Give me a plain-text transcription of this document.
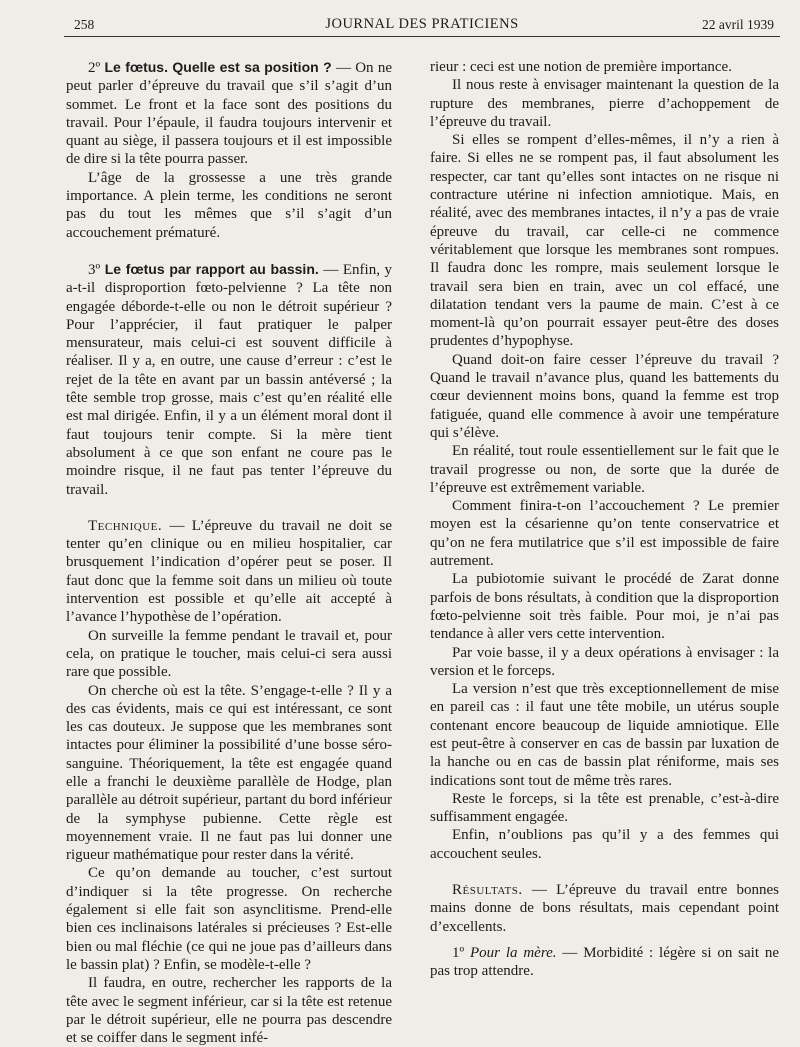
258	JOURNAL DES PRATICIENS	22 avril 1939

2º Le fœtus. Quelle est sa position ? — On ne peut parler d’épreuve du travail que s’il s’agit d’un sommet. Le front et la face sont des positions du travail. Pour l’épaule, il faudra toujours intervenir et quant au siège, il passera toujours et il est impossible de dire si la tête pourra passer.

L’âge de la grossesse a une très grande importance. A plein terme, les conditions ne seront pas du tout les mêmes que s’il s’agit d’un accouchement prématuré.

3º Le fœtus par rapport au bassin. — Enfin, y a-t-il disproportion fœto-pelvienne ? La tête non engagée déborde-t-elle ou non le détroit supérieur ? Pour l’apprécier, il faut pratiquer le palper mensurateur, mais celui-ci est souvent difficile à réaliser. Il y a, en outre, une cause d’erreur : c’est le rejet de la tête en avant par un bassin antéversé ; la tête semble trop grosse, mais c’est qu’en réalité elle est mal dirigée. Enfin, il y a un élément moral dont il faut toujours tenir compte. Si la mère tient absolument à ce que son enfant ne coure pas le moindre risque, il ne faut pas tenter l’épreuve du travail.

Technique. — L’épreuve du travail ne doit se tenter qu’en clinique ou en milieu hospitalier, car brusquement l’indication d’opérer peut se poser. Il faut donc que la femme soit dans un milieu où toute intervention est possible et qu’elle ait accepté à l’avance l’hypothèse de l’opération.

On surveille la femme pendant le travail et, pour cela, on pratique le toucher, mais celui-ci sera aussi rare que possible.

On cherche où est la tête. S’engage-t-elle ? Il y a des cas évidents, mais ce qui est intéressant, ce sont les cas douteux. Je suppose que les membranes sont intactes pour éliminer la possibilité d’une bosse séro-sanguine. Théoriquement, la tête est engagée quand elle a franchi le deuxième parallèle de Hodge, plan parallèle au détroit supérieur, partant du bord inférieur de la symphyse pubienne. Cette règle est moyennement vraie. Il ne faut pas lui donner une rigueur mathématique pour rester dans la vérité.

Ce qu’on demande au toucher, c’est surtout d’indiquer si la tête progresse. On recherche également si elle fait son asynclitisme. Prend-elle bien ces inclinaisons latérales si précieuses ? Est-elle bien ou mal fléchie (ce qui ne joue pas d’ailleurs dans le bassin plat) ? Enfin, se modèle-t-elle ?

Il faudra, en outre, rechercher les rapports de la tête avec le segment inférieur, car si la tête est retenue par le détroit supérieur, elle ne pourra pas descendre et se coiffer dans le segment infé-

rieur : ceci est une notion de première importance.

Il nous reste à envisager maintenant la question de la rupture des membranes, pierre d’achoppement de l’épreuve du travail.

Si elles se rompent d’elles-mêmes, il n’y a rien à faire. Si elles ne se rompent pas, il faut absolument les respecter, car tant qu’elles sont intactes on ne risque ni contracture utérine ni infection amniotique. Mais, en réalité, avec des membranes intactes, il n’y a pas de vraie épreuve du travail, car celle-ci ne commence véritablement que lorsque les membranes sont rompues. Il faudra donc les rompre, mais seulement lorsque le travail sera bien en train, avec un col effacé, une dilatation tendant vers la paume de main. C’est à ce moment-là qu’on pourrait essayer peut-être des doses prudentes d’hypophyse.

Quand doit-on faire cesser l’épreuve du travail ? Quand le travail n’avance plus, quand les battements du cœur deviennent moins bons, quand la femme est trop fatiguée, quand elle commence à avoir une température qui s’élève.

En réalité, tout roule essentiellement sur le fait que le travail progresse ou non, de sorte que la durée de l’épreuve est extrêmement variable.

Comment finira-t-on l’accouchement ? Le premier moyen est la césarienne qu’on tente conservatrice et qu’on ne fera mutilatrice que s’il est impossible de faire autrement.

La pubiotomie suivant le procédé de Zarat donne parfois de bons résultats, à condition que la disproportion fœto-pelvienne soit très faible. Pour moi, je n’ai pas tendance à aller vers cette intervention.

Par voie basse, il y a deux opérations à envisager : la version et le forceps.

La version n’est que très exceptionnellement de mise en pareil cas : il faut une tête mobile, un utérus souple contenant encore beaucoup de liquide amniotique. Elle est peut-être à conserver en cas de bassin par luxation de la hanche ou en cas de bassin plat réniforme, mais ses indications sont tout de même très rares.

Reste le forceps, si la tête est prenable, c’est-à-dire suffisamment engagée.

Enfin, n’oublions pas qu’il y a des femmes qui accouchent seules.

Résultats. — L’épreuve du travail entre bonnes mains donne de bons résultats, mais cependant point d’excellents.

1º Pour la mère. — Morbidité : légère si on sait ne pas trop attendre.
